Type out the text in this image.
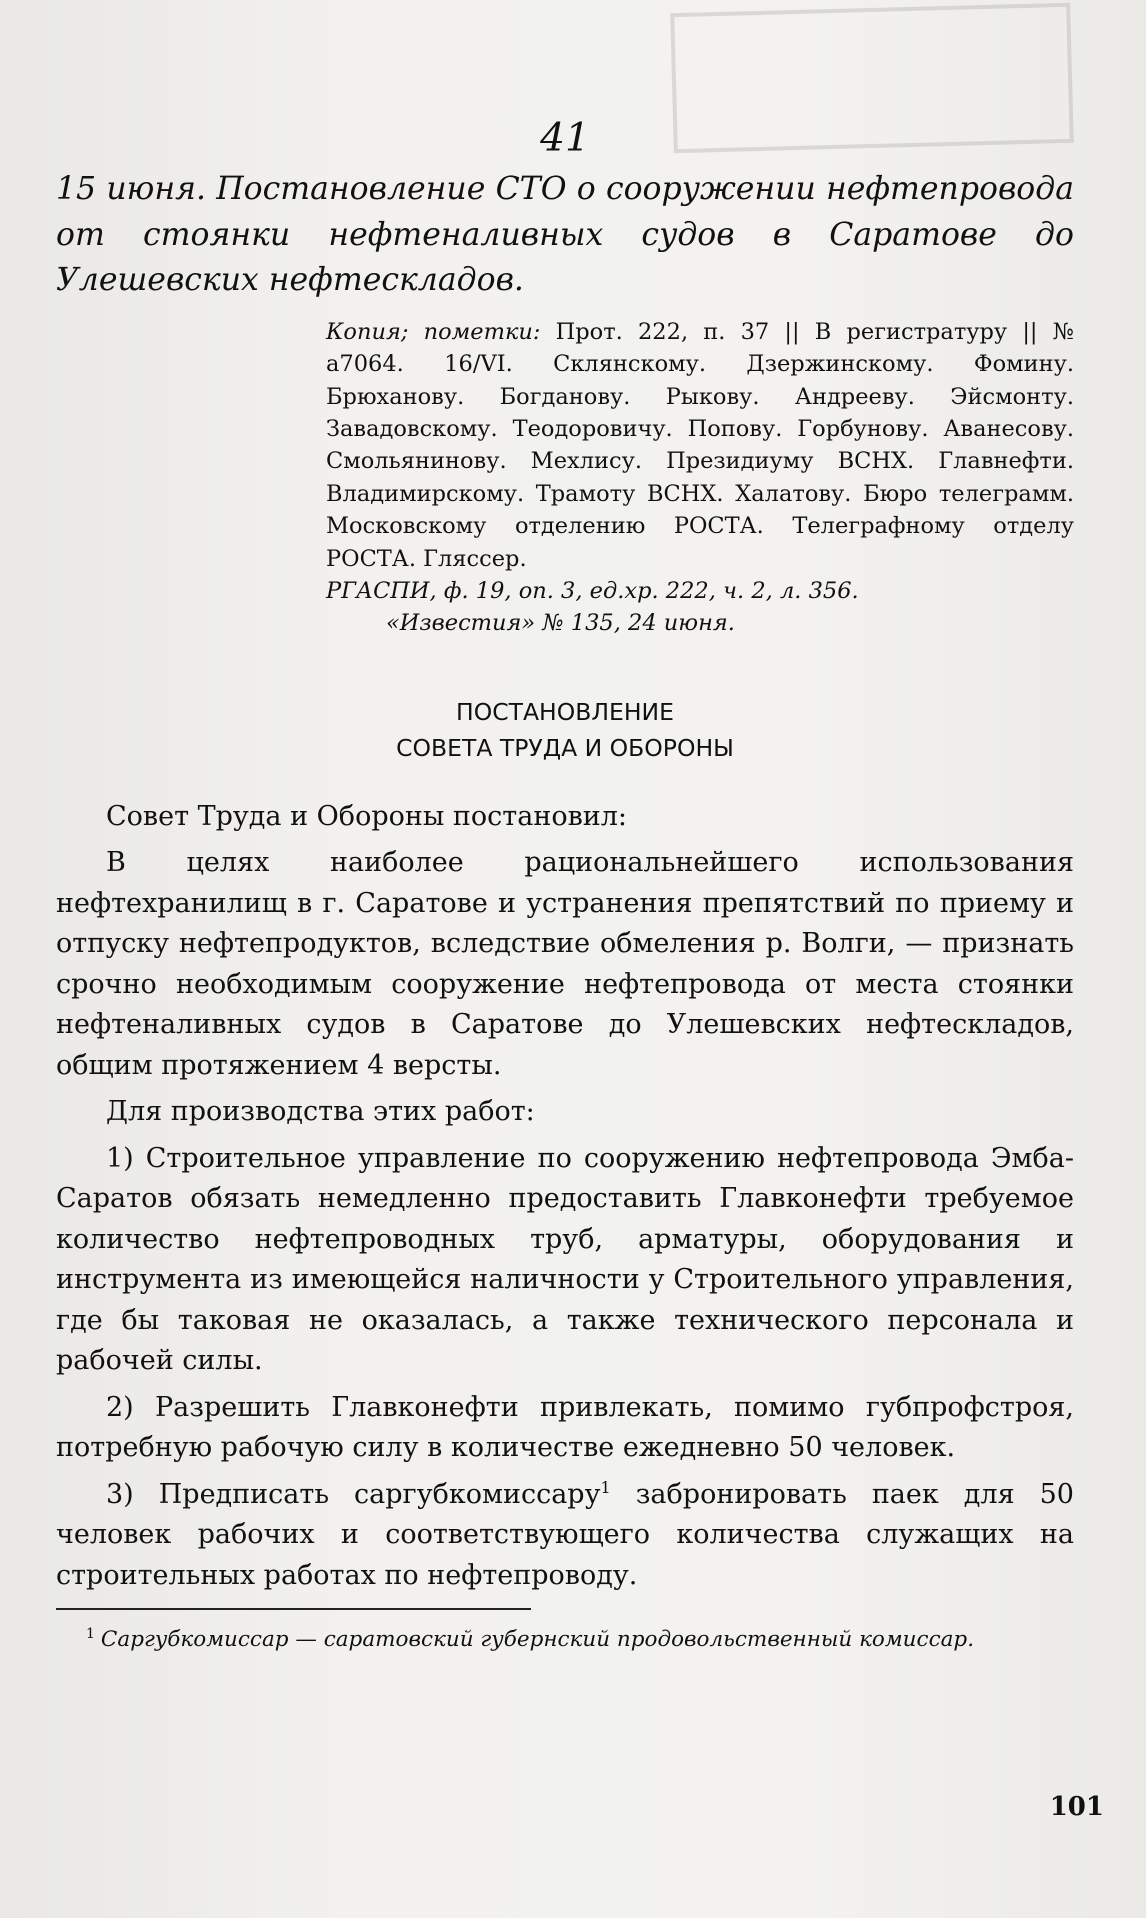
41
15 июня. Постановление СТО о сооружении нефтепровода от стоянки нефтеналивных судов в Саратове до Улешевских нефтескладов.

Копия; пометки: Прот. 222, п. 37 || В регистратуру || № а7064. 16/VI. Склянскому. Дзержинскому. Фомину. Брюханову. Богданову. Рыкову. Андрееву. Эйсмонту. Завадовскому. Теодоровичу. Попову. Горбунову. Аванесову. Смольянинову. Мехлису. Президиуму ВСНХ. Главнефти. Владимирскому. Трамоту ВСНХ. Халатову. Бюро телеграмм. Московскому отделению РОСТА. Телеграфному отделу РОСТА. Гляссер.

РГАСПИ, ф. 19, оп. 3, ед.хр. 222, ч. 2, л. 356.

«Известия» № 135, 24 июня.

ПОСТАНОВЛЕНИЕ
СОВЕТА ТРУДА И ОБОРОНЫ

Совет Труда и Обороны постановил:

В целях наиболее рациональнейшего использования нефтехранилищ в г. Саратове и устранения препятствий по приему и отпуску нефтепродуктов, вследствие обмеления р. Волги, — признать срочно необходимым сооружение нефтепровода от места стоянки нефтеналивных судов в Саратове до Улешевских нефтескладов, общим протяжением 4 версты.

Для производства этих работ:

1) Строительное управление по сооружению нефтепровода Эмба-Саратов обязать немедленно предоставить Главконефти требуемое количество нефтепроводных труб, арматуры, оборудования и инструмента из имеющейся наличности у Строительного управления, где бы таковая не оказалась, а также технического персонала и рабочей силы.

2) Разрешить Главконефти привлекать, помимо губпрофстроя, потребную рабочую силу в количестве ежедневно 50 человек.

3) Предписать саргубкомиссару$^1$ забронировать паек для 50 человек рабочих и соответствующего количества служащих на строительных работах по нефтепроводу.

$^1$ Саргубкомиссар — саратовский губернский продовольственный комиссар.
101
